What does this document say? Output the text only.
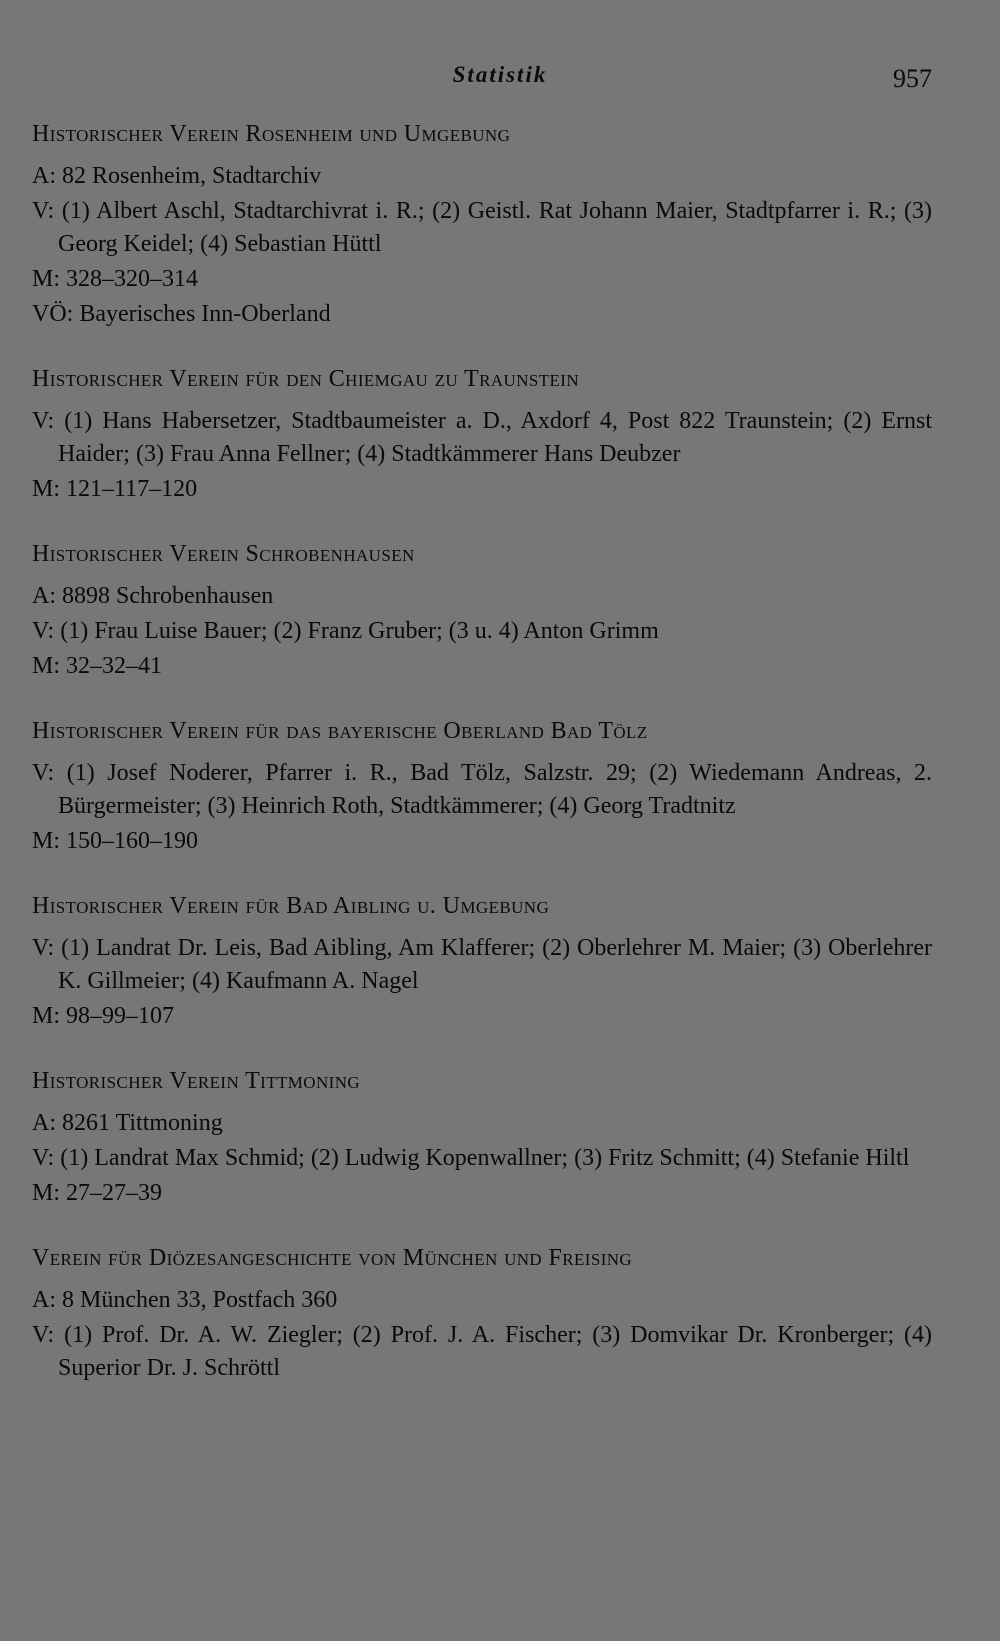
Statistik	957
Historischer Verein Rosenheim und Umgebung
A: 82 Rosenheim, Stadtarchiv
V: (1) Albert Aschl, Stadtarchivrat i. R.; (2) Geistl. Rat Johann Maier, Stadtpfarrer i. R.; (3) Georg Keidel; (4) Sebastian Hüttl
M: 328–320–314
VÖ: Bayerisches Inn-Oberland
Historischer Verein für den Chiemgau zu Traunstein
V: (1) Hans Habersetzer, Stadtbaumeister a. D., Axdorf 4, Post 822 Traunstein; (2) Ernst Haider; (3) Frau Anna Fellner; (4) Stadtkämmerer Hans Deubzer
M: 121–117–120
Historischer Verein Schrobenhausen
A: 8898 Schrobenhausen
V: (1) Frau Luise Bauer; (2) Franz Gruber; (3 u. 4) Anton Grimm
M: 32–32–41
Historischer Verein für das bayerische Oberland Bad Tölz
V: (1) Josef Noderer, Pfarrer i. R., Bad Tölz, Salzstr. 29; (2) Wiedemann Andreas, 2. Bürgermeister; (3) Heinrich Roth, Stadtkämmerer; (4) Georg Tradtnitz
M: 150–160–190
Historischer Verein für Bad Aibling u. Umgebung
V: (1) Landrat Dr. Leis, Bad Aibling, Am Klafferer; (2) Oberlehrer M. Maier; (3) Oberlehrer K. Gillmeier; (4) Kaufmann A. Nagel
M: 98–99–107
Historischer Verein Tittmoning
A: 8261 Tittmoning
V: (1) Landrat Max Schmid; (2) Ludwig Kopenwallner; (3) Fritz Schmitt; (4) Stefanie Hiltl
M: 27–27–39
Verein für Diözesangeschichte von München und Freising
A: 8 München 33, Postfach 360
V: (1) Prof. Dr. A. W. Ziegler; (2) Prof. J. A. Fischer; (3) Domvikar Dr. Kronberger; (4) Superior Dr. J. Schröttl
